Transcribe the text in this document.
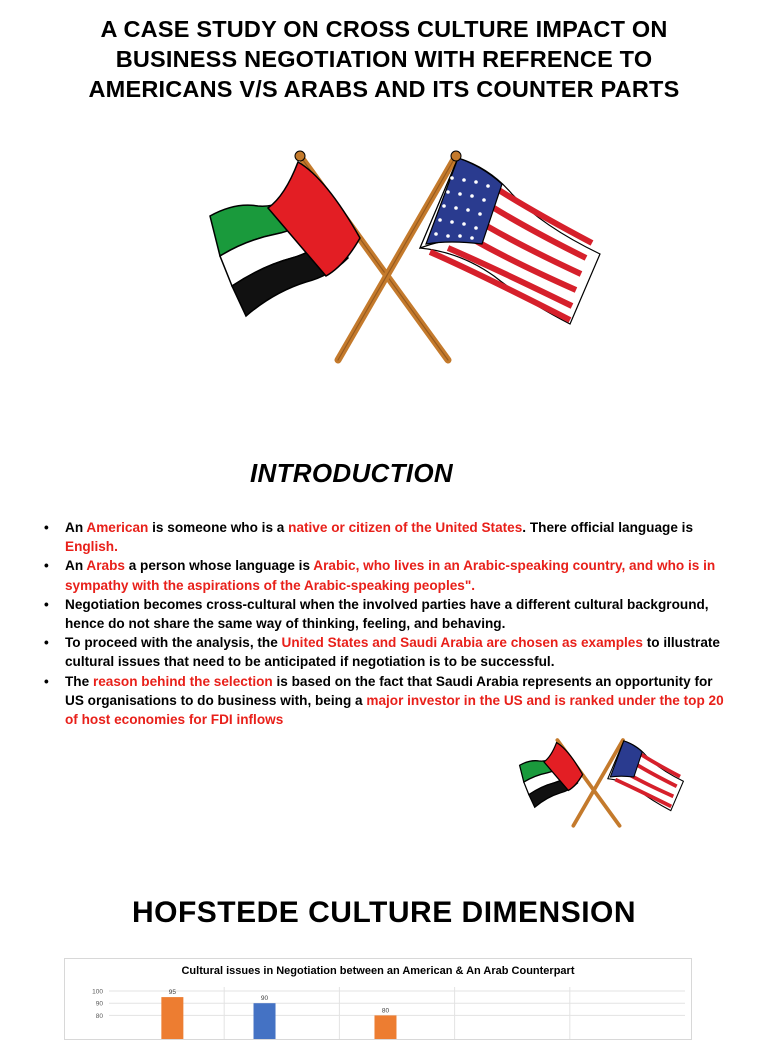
A CASE STUDY ON CROSS CULTURE IMPACT ON BUSINESS NEGOTIATION WITH REFRENCE TO AMERICANS V/S ARABS AND ITS COUNTER PARTS
INTRODUCTION
• An American is someone who is a native or citizen of the United States. There official language is English.
• An Arabs a person whose language is Arabic, who lives in an Arabic-speaking country, and who is in sympathy with the aspirations of the Arabic-speaking peoples".
• Negotiation becomes cross-cultural when the involved parties have a different cultural background, hence do not share the same way of thinking, feeling, and behaving.
• To proceed with the analysis, the United States and Saudi Arabia are chosen as examples to illustrate cultural issues that need to be anticipated if negotiation is to be successful.
• The reason behind the selection is based on the fact that Saudi Arabia represents an opportunity for US organisations to do business with, being a major investor in the US and is ranked under the top 20 of host economies for FDI inflows
HOFSTEDE CULTURE DIMENSION
Cultural issues in Negotiation between an American & An Arab Counterpart
100
90
80
95
90
80
